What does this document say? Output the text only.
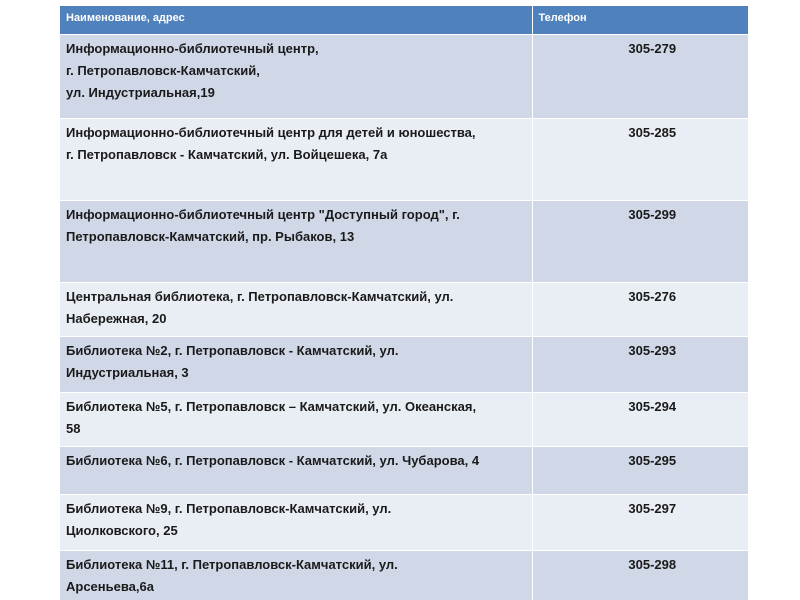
Наименование, адрес	Телефон
Информационно-библиотечный центр,
г. Петропавловск-Камчатский,
ул. Индустриальная,19	305-279
Информационно-библиотечный центр для детей и юношества,
г. Петропавловск - Камчатский, ул. Войцешека, 7а	305-285
Информационно-библиотечный центр "Доступный город", г.
Петропавловск-Камчатский, пр. Рыбаков, 13	305-299
Центральная библиотека, г. Петропавловск-Камчатский, ул.
Набережная, 20	305-276
Библиотека №2, г. Петропавловск - Камчатский, ул.
Индустриальная, 3	305-293
Библиотека №5, г. Петропавловск – Камчатский, ул. Океанская,
58	305-294
Библиотека №6, г. Петропавловск - Камчатский, ул. Чубарова, 4	305-295
Библиотека №9, г. Петропавловск-Камчатский, ул.
Циолковского, 25	305-297
Библиотека №11, г. Петропавловск-Камчатский, ул.
Арсеньева,6а	305-298
